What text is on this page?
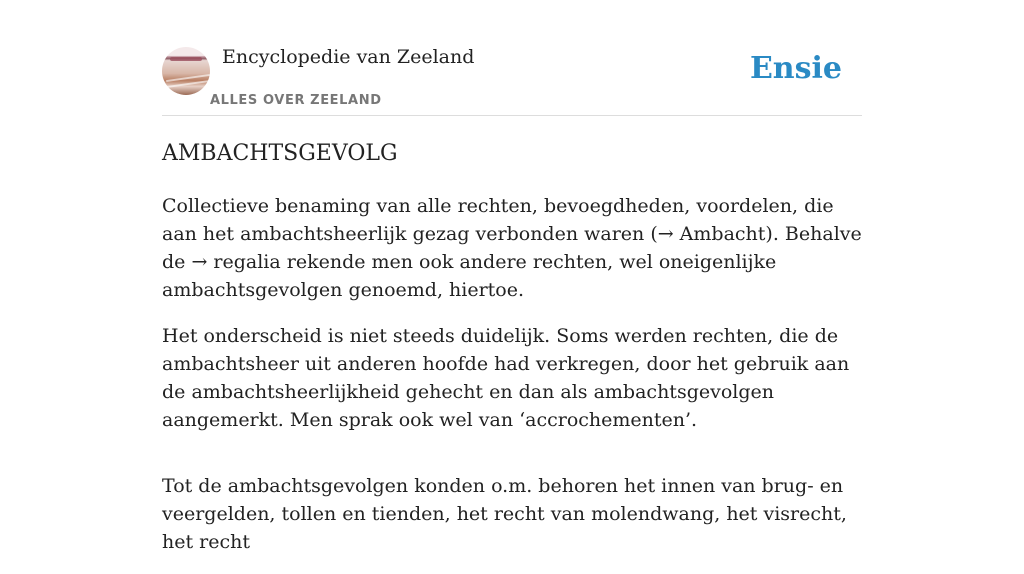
Encyclopedie van Zeeland
ALLES OVER ZEELAND
Ensie
AMBACHTSGEVOLG

Collectieve benaming van alle rechten, bevoegdheden, voordelen, die aan het ambachtsheerlijk gezag verbonden waren (→ Ambacht). Behalve de → regalia rekende men ook andere rechten, wel oneigenlijke ambachtsgevolgen genoemd, hiertoe.

Het onderscheid is niet steeds duidelijk. Soms werden rechten, die de ambachtsheer uit anderen hoofde had verkregen, door het gebruik aan de ambachtsheerlijkheid gehecht en dan als ambachtsgevolgen aangemerkt. Men sprak ook wel van ‘accrochementen’.

Tot de ambachtsgevolgen konden o.m. behoren het innen van brug- en veergelden, tollen en tienden, het recht van molendwang, het visrecht, het recht
